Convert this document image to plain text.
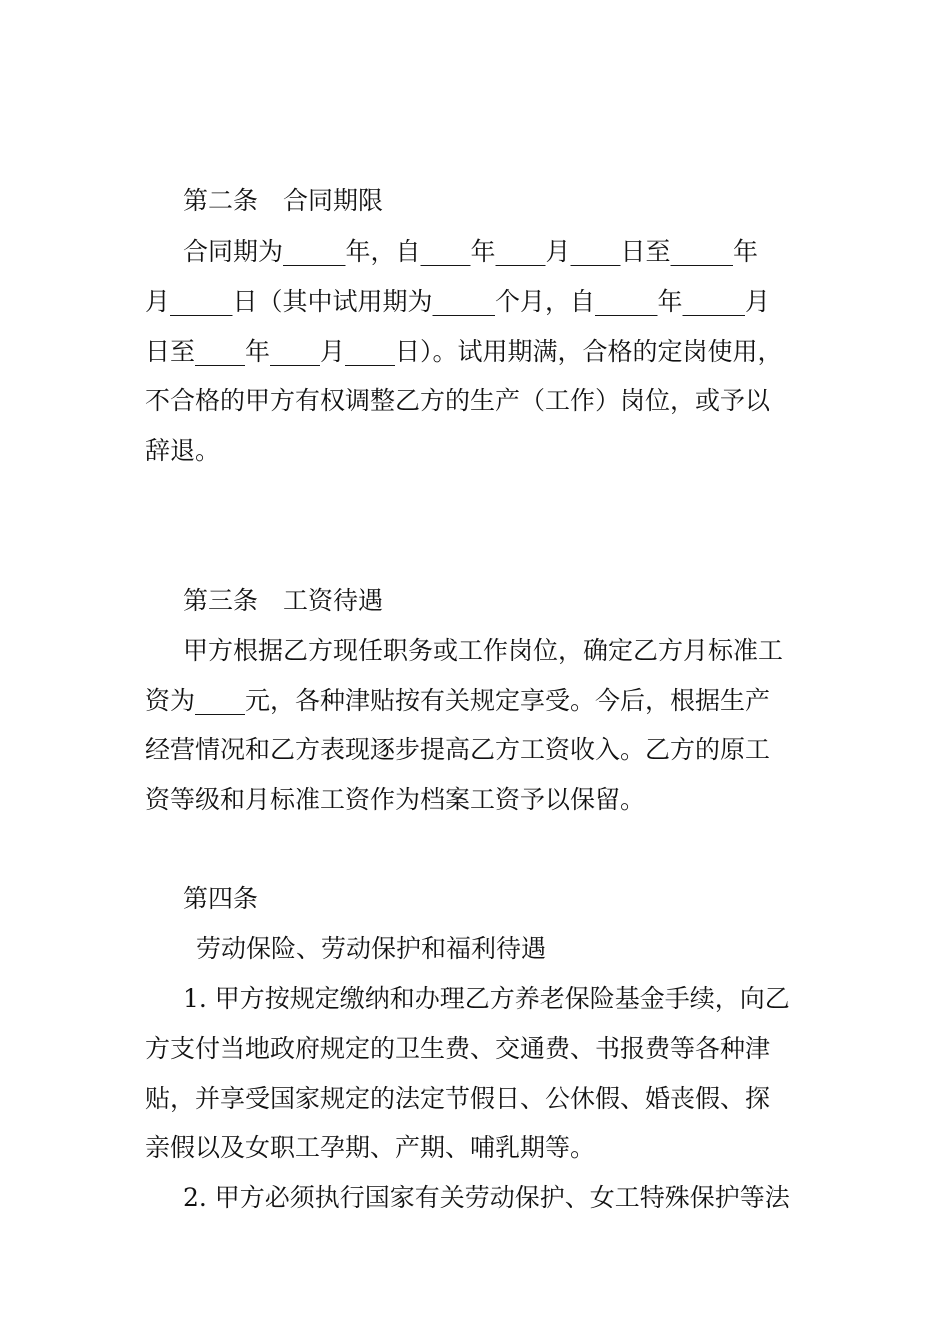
第二条　合同期限
合同期为_____年，自____年____月____日至_____年
月_____日（其中试用期为_____个月，自_____年_____月
日至____年____月____日）。试用期满，合格的定岗使用，
不合格的甲方有权调整乙方的生产（工作）岗位，或予以
辞退。
第三条　工资待遇
甲方根据乙方现任职务或工作岗位，确定乙方月标准工
资为____元，各种津贴按有关规定享受。今后，根据生产
经营情况和乙方表现逐步提高乙方工资收入。乙方的原工
资等级和月标准工资作为档案工资予以保留。
第四条
劳动保险、劳动保护和福利待遇
1. 甲方按规定缴纳和办理乙方养老保险基金手续，向乙
方支付当地政府规定的卫生费、交通费、书报费等各种津
贴，并享受国家规定的法定节假日、公休假、婚丧假、探
亲假以及女职工孕期、产期、哺乳期等。
2. 甲方必须执行国家有关劳动保护、女工特殊保护等法
